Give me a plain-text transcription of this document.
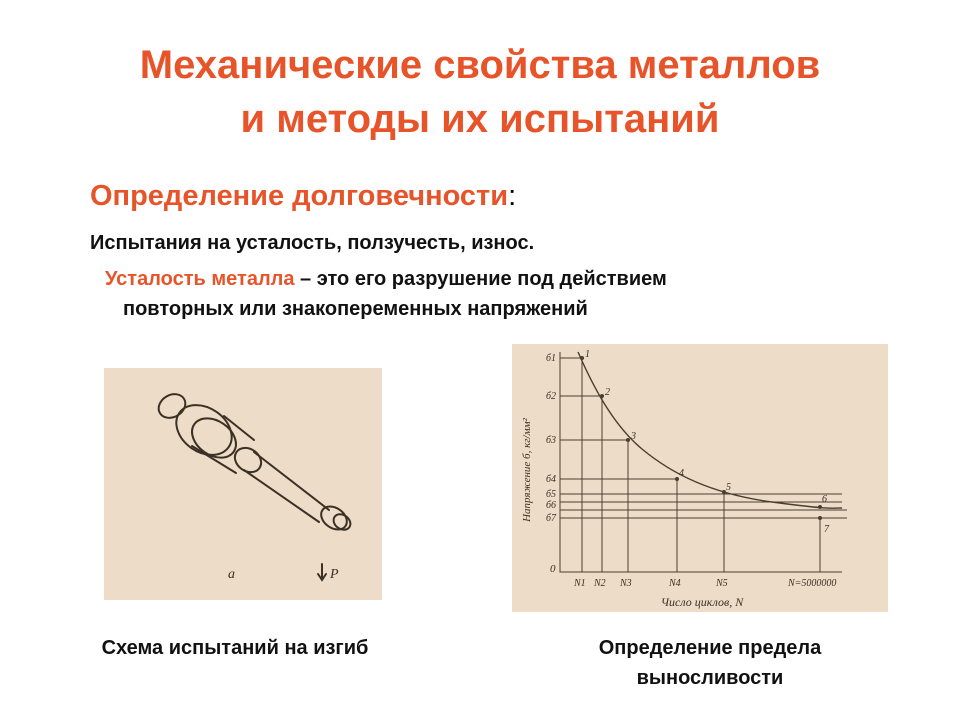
Механические свойства металлов
и методы их испытаний
Определение долговечности:
Испытания на усталость, ползучесть, износ.
Усталость металла – это его разрушение под действием
повторных или знакопеременных напряжений
а	Р
Напряжение б, кг/мм²
Число циклов, N
0
б1
б2
б3
б4
б5
б6
б7
N1 N2 N3	N4	N5	N=5000000
1
2
3
4
5
6
7
Схема испытаний на изгиб	Определение предела
выносливости
